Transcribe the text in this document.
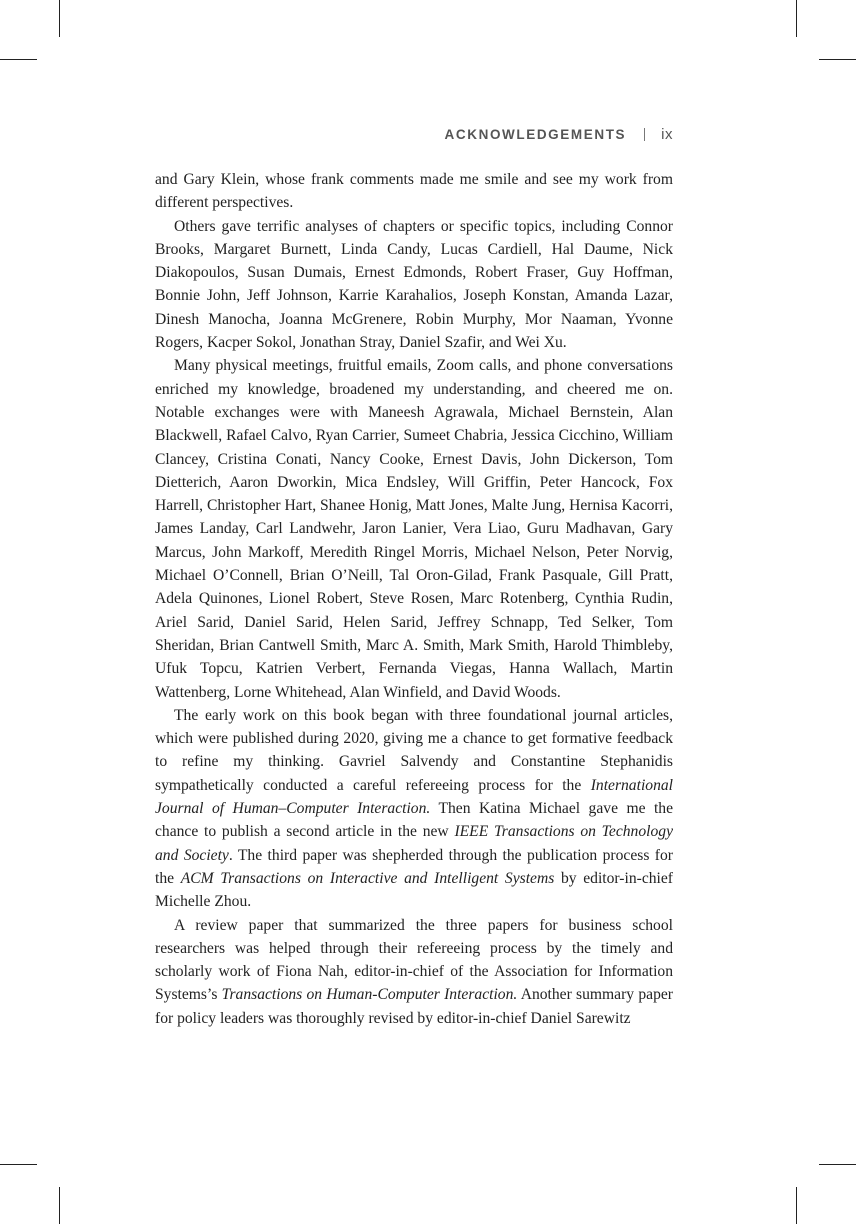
ACKNOWLEDGEMENTS ix

and Gary Klein, whose frank comments made me smile and see my work from different perspectives.

Others gave terrific analyses of chapters or specific topics, including Connor Brooks, Margaret Burnett, Linda Candy, Lucas Cardiell, Hal Daume, Nick Diakopoulos, Susan Dumais, Ernest Edmonds, Robert Fraser, Guy Hoffman, Bonnie John, Jeff Johnson, Karrie Karahalios, Joseph Konstan, Amanda Lazar, Dinesh Manocha, Joanna McGrenere, Robin Murphy, Mor Naaman, Yvonne Rogers, Kacper Sokol, Jonathan Stray, Daniel Szafir, and Wei Xu.

Many physical meetings, fruitful emails, Zoom calls, and phone conversations enriched my knowledge, broadened my understanding, and cheered me on. Notable exchanges were with Maneesh Agrawala, Michael Bernstein, Alan Blackwell, Rafael Calvo, Ryan Carrier, Sumeet Chabria, Jessica Cicchino, William Clancey, Cristina Conati, Nancy Cooke, Ernest Davis, John Dickerson, Tom Dietterich, Aaron Dworkin, Mica Endsley, Will Griffin, Peter Hancock, Fox Harrell, Christopher Hart, Shanee Honig, Matt Jones, Malte Jung, Hernisa Kacorri, James Landay, Carl Landwehr, Jaron Lanier, Vera Liao, Guru Madhavan, Gary Marcus, John Markoff, Meredith Ringel Morris, Michael Nelson, Peter Norvig, Michael O’Connell, Brian O’Neill, Tal Oron-Gilad, Frank Pasquale, Gill Pratt, Adela Quinones, Lionel Robert, Steve Rosen, Marc Rotenberg, Cynthia Rudin, Ariel Sarid, Daniel Sarid, Helen Sarid, Jeffrey Schnapp, Ted Selker, Tom Sheridan, Brian Cantwell Smith, Marc A. Smith, Mark Smith, Harold Thimbleby, Ufuk Topcu, Katrien Verbert, Fernanda Viegas, Hanna Wallach, Martin Wattenberg, Lorne Whitehead, Alan Winfield, and David Woods.

The early work on this book began with three foundational journal articles, which were published during 2020, giving me a chance to get formative feedback to refine my thinking. Gavriel Salvendy and Constantine Stephanidis sympathetically conducted a careful refereeing process for the International Journal of Human–Computer Interaction. Then Katina Michael gave me the chance to publish a second article in the new IEEE Transactions on Technology and Society. The third paper was shepherded through the publication process for the ACM Transactions on Interactive and Intelligent Systems by editor-in-chief Michelle Zhou.

A review paper that summarized the three papers for business school researchers was helped through their refereeing process by the timely and scholarly work of Fiona Nah, editor-in-chief of the Association for Information Systems’s Transactions on Human-Computer Interaction. Another summary paper for policy leaders was thoroughly revised by editor-in-chief Daniel Sarewitz
